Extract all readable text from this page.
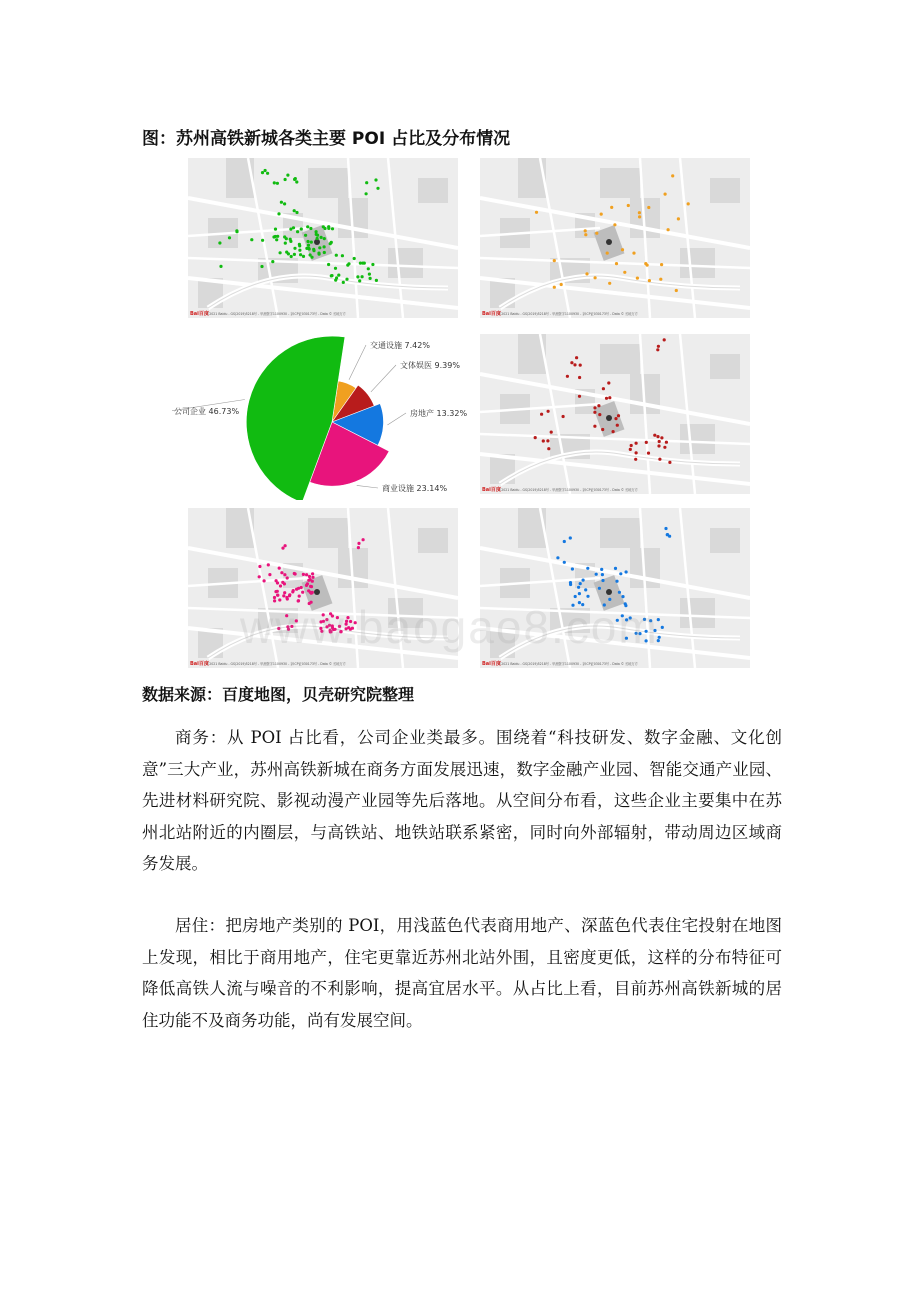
图：苏州高铁新城各类主要 POI 占比及分布情况
©2021 Baidu - GS(2019)5218号 - 甲测资字1100930 - 京ICP证030173号 - Data © 长地万方
Bai百度	©2021 Baidu - GS(2019)5218号 - 甲测资字1100930 - 京ICP证030173号 - Data © 长地万方
Bai百度
交通设施 7.42%
文体娱医 9.39%
房地产 13.32%
商业设施 23.14%
公司企业 46.73%
©2021 Baidu - GS(2019)5218号 - 甲测资字1100930 - 京ICP证030173号 - Data © 长地万方
Bai百度
©2021 Baidu - GS(2019)5218号 - 甲测资字1100930 - 京ICP证030173号 - Data © 长地万方
Bai百度	©2021 Baidu - GS(2019)5218号 - 甲测资字1100930 - 京ICP证030173号 - Data © 长地万方
Bai百度
数据来源：百度地图，贝壳研究院整理
商务：从 POI 占比看，公司企业类最多。围绕着“科技研发、数字金融、文化创意”三大产业，苏州高铁新城在商务方面发展迅速，数字金融产业园、智能交通产业园、先进材料研究院、影视动漫产业园等先后落地。从空间分布看，这些企业主要集中在苏州北站附近的内圈层，与高铁站、地铁站联系紧密，同时向外部辐射，带动周边区域商务发展。
居住：把房地产类别的 POI，用浅蓝色代表商用地产、深蓝色代表住宅投射在地图上发现，相比于商用地产，住宅更靠近苏州北站外围，且密度更低，这样的分布特征可降低高铁人流与噪音的不利影响，提高宜居水平。从占比上看，目前苏州高铁新城的居住功能不及商务功能，尚有发展空间。
